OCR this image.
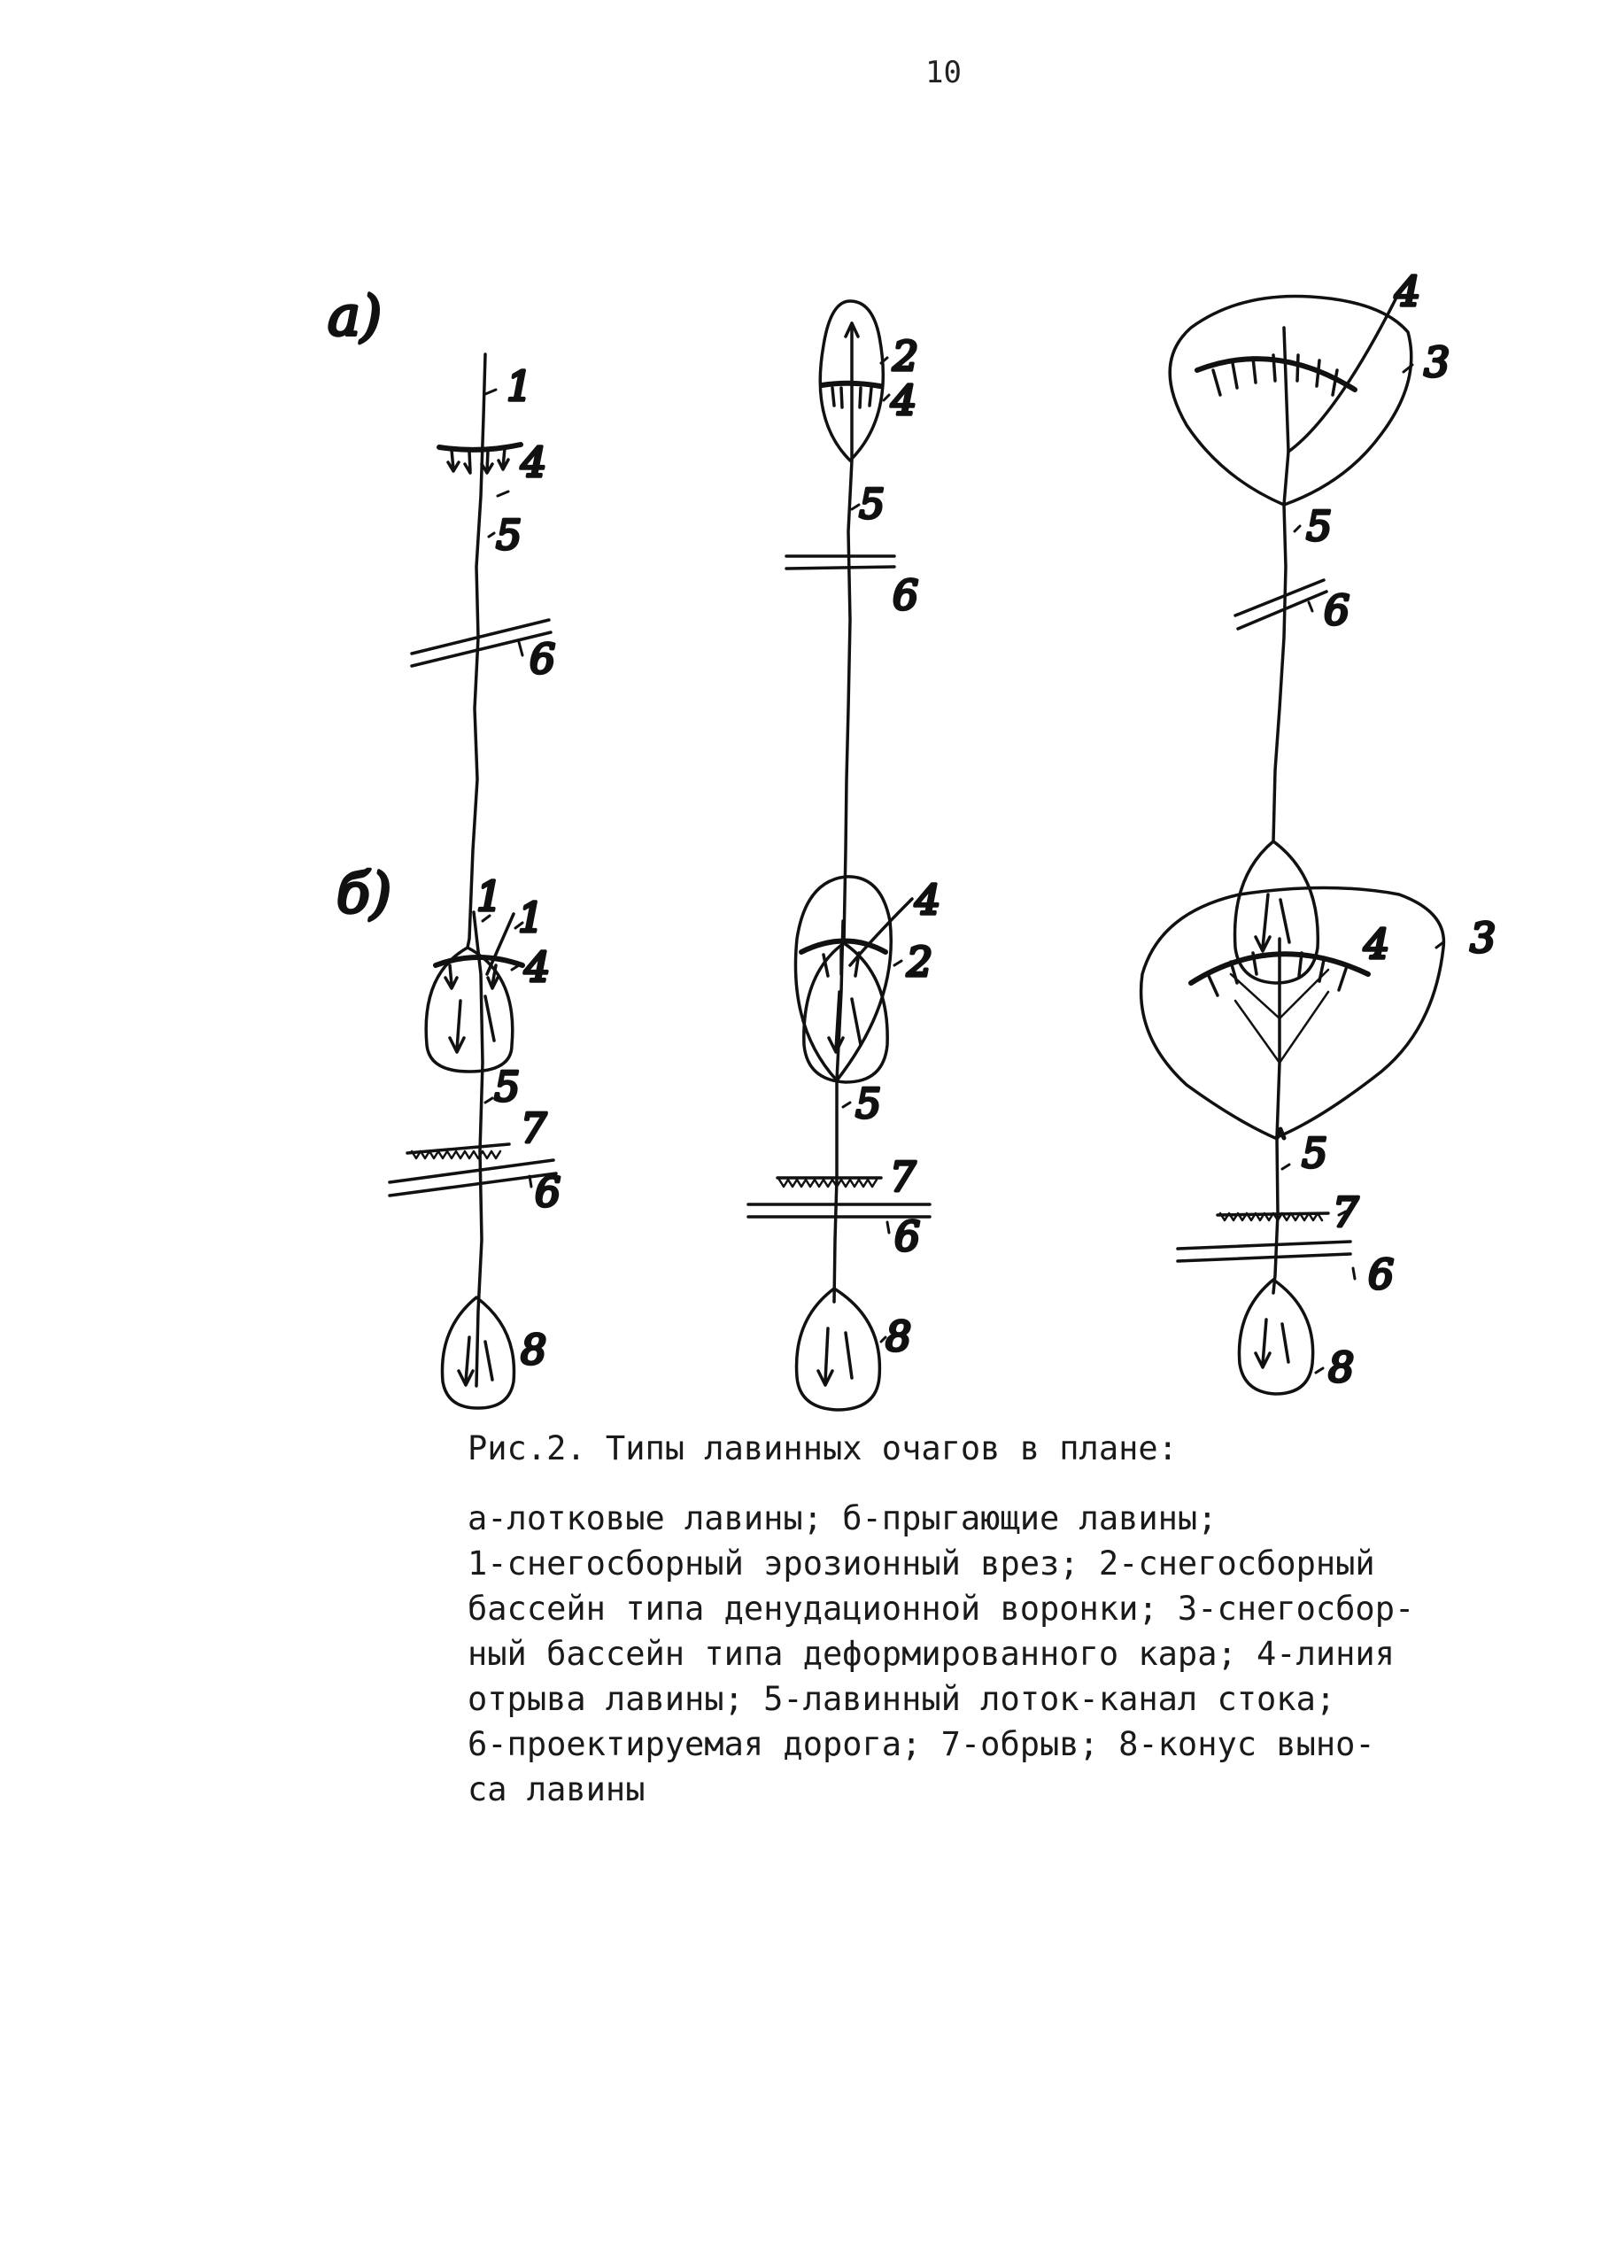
10
а)
1
4
5
6
2
4
5
6
4
3
5
6
б) 1 1
4
5
7
6
8
4
2
5
7
6
8
4 3
5
7
6
8

Рис.2. Типы лавинных очагов в плане:

а-лотковые лавины; б-прыгающие лавины;

1-снегосборный эрозионный врез; 2-снегосборный

бассейн типа денудационной воронки; 3-снегосбор-

ный бассейн типа деформированного кара; 4-линия

отрыва лавины; 5-лавинный лоток-канал стока;

6-проектируемая дорога; 7-обрыв; 8-конус выно-

са лавины
